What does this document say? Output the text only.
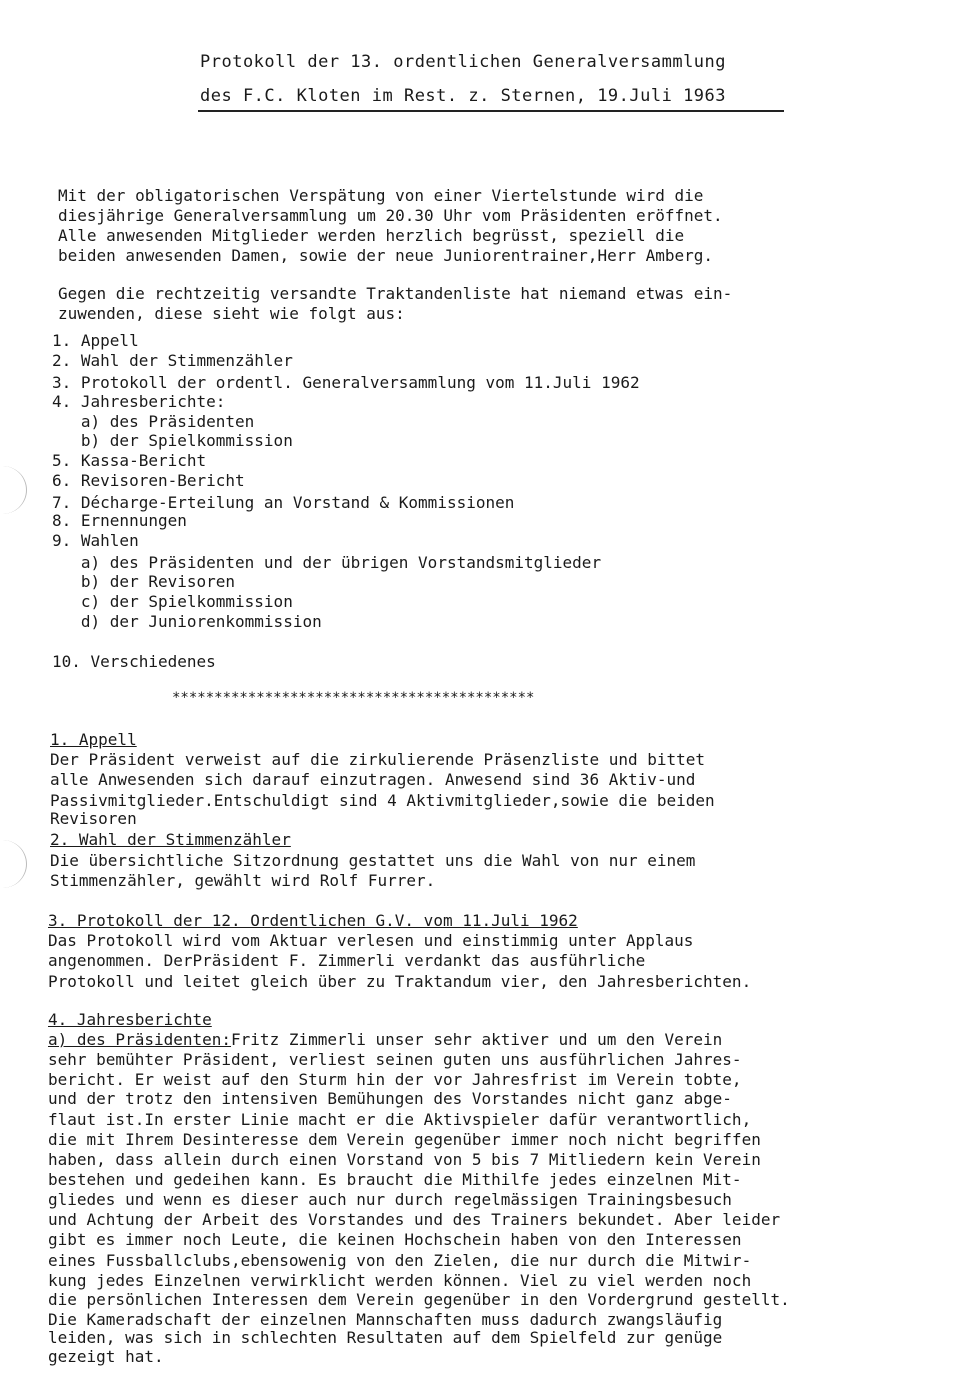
Protokoll der 13. ordentlichen Generalversammlung
des F.C. Kloten im Rest. z. Sternen, 19.Juli 1963
Mit der obligatorischen Verspätung von einer Viertelstunde wird die
diesjährige Generalversammlung um 20.30 Uhr vom Präsidenten eröffnet.
Alle anwesenden Mitglieder werden herzlich begrüsst, speziell die
beiden anwesenden Damen, sowie der neue Juniorentrainer,Herr Amberg.
Gegen die rechtzeitig versandte Traktandenliste hat niemand etwas ein-
zuwenden, diese sieht wie folgt aus:
1. Appell
2. Wahl der Stimmenzähler
3. Protokoll der ordentl. Generalversammlung vom 11.Juli 1962
4. Jahresberichte:
a) des Präsidenten
b) der Spielkommission
5. Kassa-Bericht
6. Revisoren-Bericht
7. Décharge-Erteilung an Vorstand & Kommissionen
8. Ernennungen
9. Wahlen
a) des Präsidenten und der übrigen Vorstandsmitglieder
b) der Revisoren
c) der Spielkommission
d) der Juniorenkommission
10. Verschiedenes
*******************************************
1. Appell
Der Präsident verweist auf die zirkulierende Präsenzliste und bittet
alle Anwesenden sich darauf einzutragen. Anwesend sind 36 Aktiv-und
Passivmitglieder.Entschuldigt sind 4 Aktivmitglieder,sowie die beiden
Revisoren
2. Wahl der Stimmenzähler
Die übersichtliche Sitzordnung gestattet uns die Wahl von nur einem
Stimmenzähler, gewählt wird Rolf Furrer.
3. Protokoll der 12. Ordentlichen G.V. vom 11.Juli 1962
Das Protokoll wird vom Aktuar verlesen und einstimmig unter Applaus
angenommen. DerPräsident F. Zimmerli verdankt das ausführliche
Protokoll und leitet gleich über zu Traktandum vier, den Jahresberichten.
4. Jahresberichte
a) des Präsidenten:Fritz Zimmerli unser sehr aktiver und um den Verein
sehr bemühter Präsident, verliest seinen guten uns ausführlichen Jahres-
bericht. Er weist auf den Sturm hin der vor Jahresfrist im Verein tobte,
und der trotz den intensiven Bemühungen des Vorstandes nicht ganz abge-
flaut ist.In erster Linie macht er die Aktivspieler dafür verantwortlich,
die mit Ihrem Desinteresse dem Verein gegenüber immer noch nicht begriffen
haben, dass allein durch einen Vorstand von 5 bis 7 Mitliedern kein Verein
bestehen und gedeihen kann. Es braucht die Mithilfe jedes einzelnen Mit-
gliedes und wenn es dieser auch nur durch regelmässigen Trainingsbesuch
und Achtung der Arbeit des Vorstandes und des Trainers bekundet. Aber leider
gibt es immer noch Leute, die keinen Hochschein haben von den Interessen
eines Fussballclubs,ebensowenig von den Zielen, die nur durch die Mitwir-
kung jedes Einzelnen verwirklicht werden können. Viel zu viel werden noch
die persönlichen Interessen dem Verein gegenüber in den Vordergrund gestellt.
Die Kameradschaft der einzelnen Mannschaften muss dadurch zwangsläufig
leiden, was sich in schlechten Resultaten auf dem Spielfeld zur genüge
gezeigt hat.
